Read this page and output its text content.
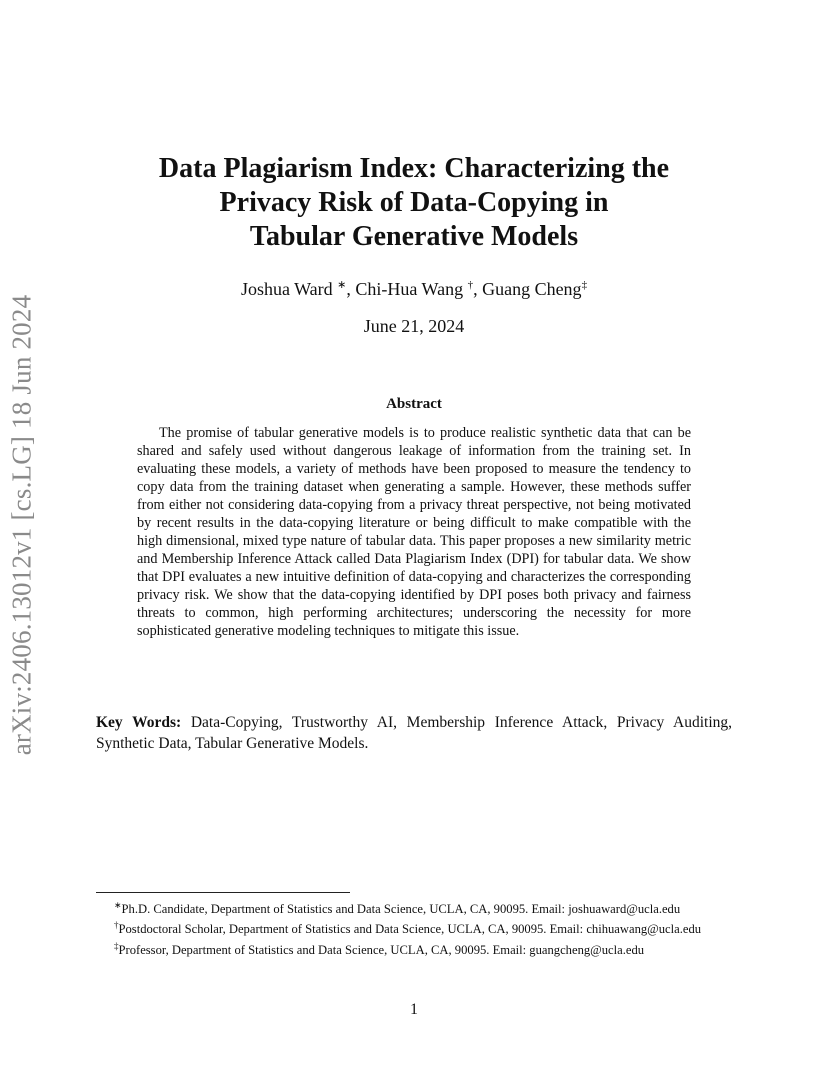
arXiv:2406.13012v1 [cs.LG] 18 Jun 2024
Data Plagiarism Index: Characterizing the
Privacy Risk of Data-Copying in
Tabular Generative Models
Joshua Ward ∗, Chi-Hua Wang †, Guang Cheng‡
June 21, 2024
Abstract

The promise of tabular generative models is to produce realistic synthetic data that can be shared and safely used without dangerous leakage of information from the training set. In evaluating these models, a variety of methods have been proposed to measure the tendency to copy data from the training dataset when generating a sample. However, these methods suffer from either not considering data-copying from a privacy threat perspective, not being motivated by recent results in the data-copying literature or being difficult to make compatible with the high dimensional, mixed type nature of tabular data. This paper proposes a new similarity metric and Membership Inference Attack called Data Plagiarism Index (DPI) for tabular data. We show that DPI evaluates a new intuitive definition of data-copying and characterizes the corresponding privacy risk. We show that the data-copying identified by DPI poses both privacy and fairness threats to common, high performing architectures; underscoring the necessity for more sophisticated generative modeling techniques to mitigate this issue.

Key Words: Data-Copying, Trustworthy AI, Membership Inference Attack, Privacy Auditing, Synthetic Data, Tabular Generative Models.

∗Ph.D. Candidate, Department of Statistics and Data Science, UCLA, CA, 90095. Email: joshuaward@ucla.edu

†Postdoctoral Scholar, Department of Statistics and Data Science, UCLA, CA, 90095. Email: chihuawang@ucla.edu

‡Professor, Department of Statistics and Data Science, UCLA, CA, 90095. Email: guangcheng@ucla.edu

1
